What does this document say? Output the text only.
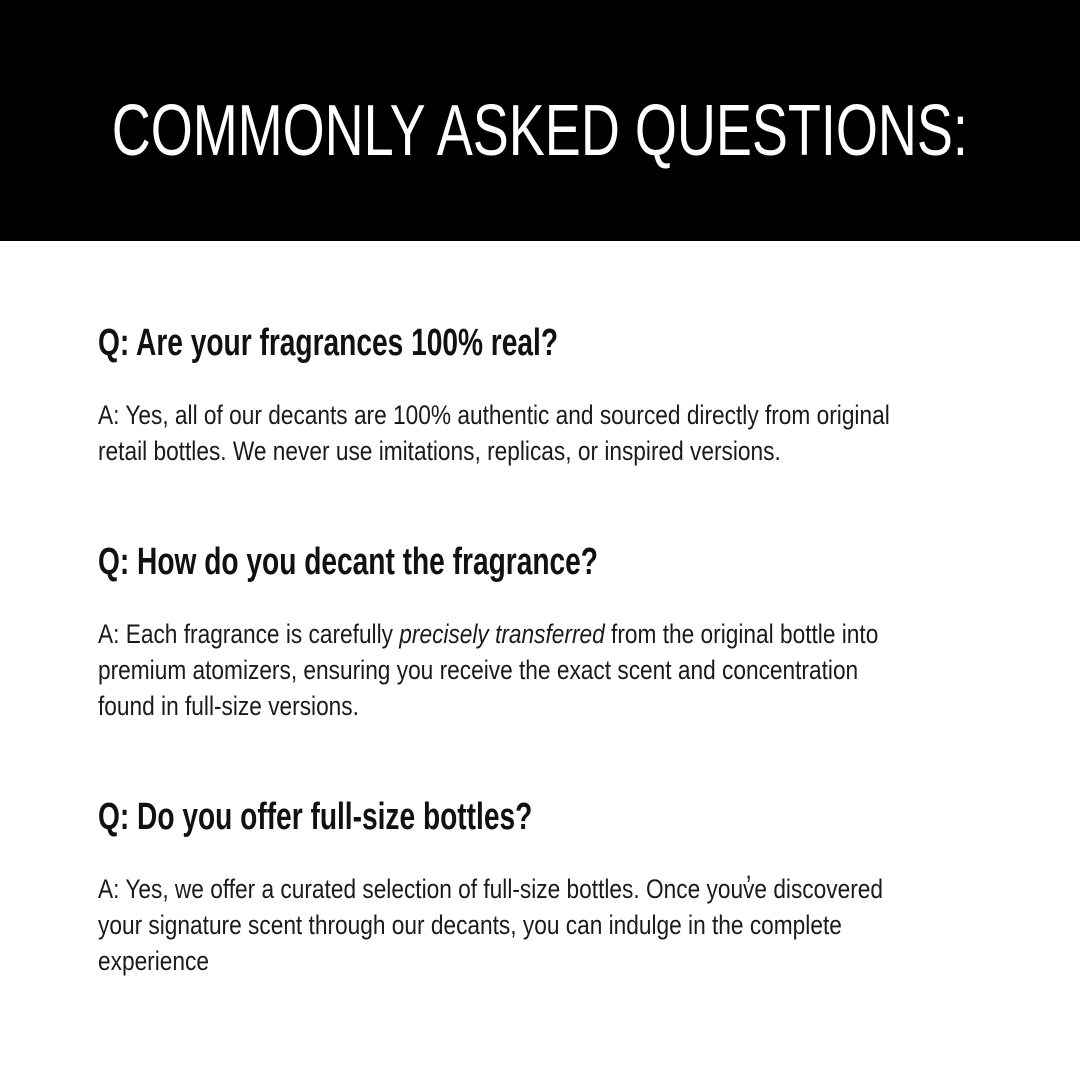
COMMONLY ASKED QUESTIONS:
Q: Are your fragrances 100% real?

A: Yes, all of our decants are 100% authentic and sourced directly from original
retail bottles. We never use imitations, replicas, or inspired versions.

Q: How do you decant the fragrance?

A: Each fragrance is carefully precisely transferred from the original bottle into
premium atomizers, ensuring you receive the exact scent and concentration
found in full-size versions.

Q: Do you offer full-size bottles?

A: Yes, we offer a curated selection of full-size bottles. Once youv̓e discovered
your signature scent through our decants, you can indulge in the complete
experience
